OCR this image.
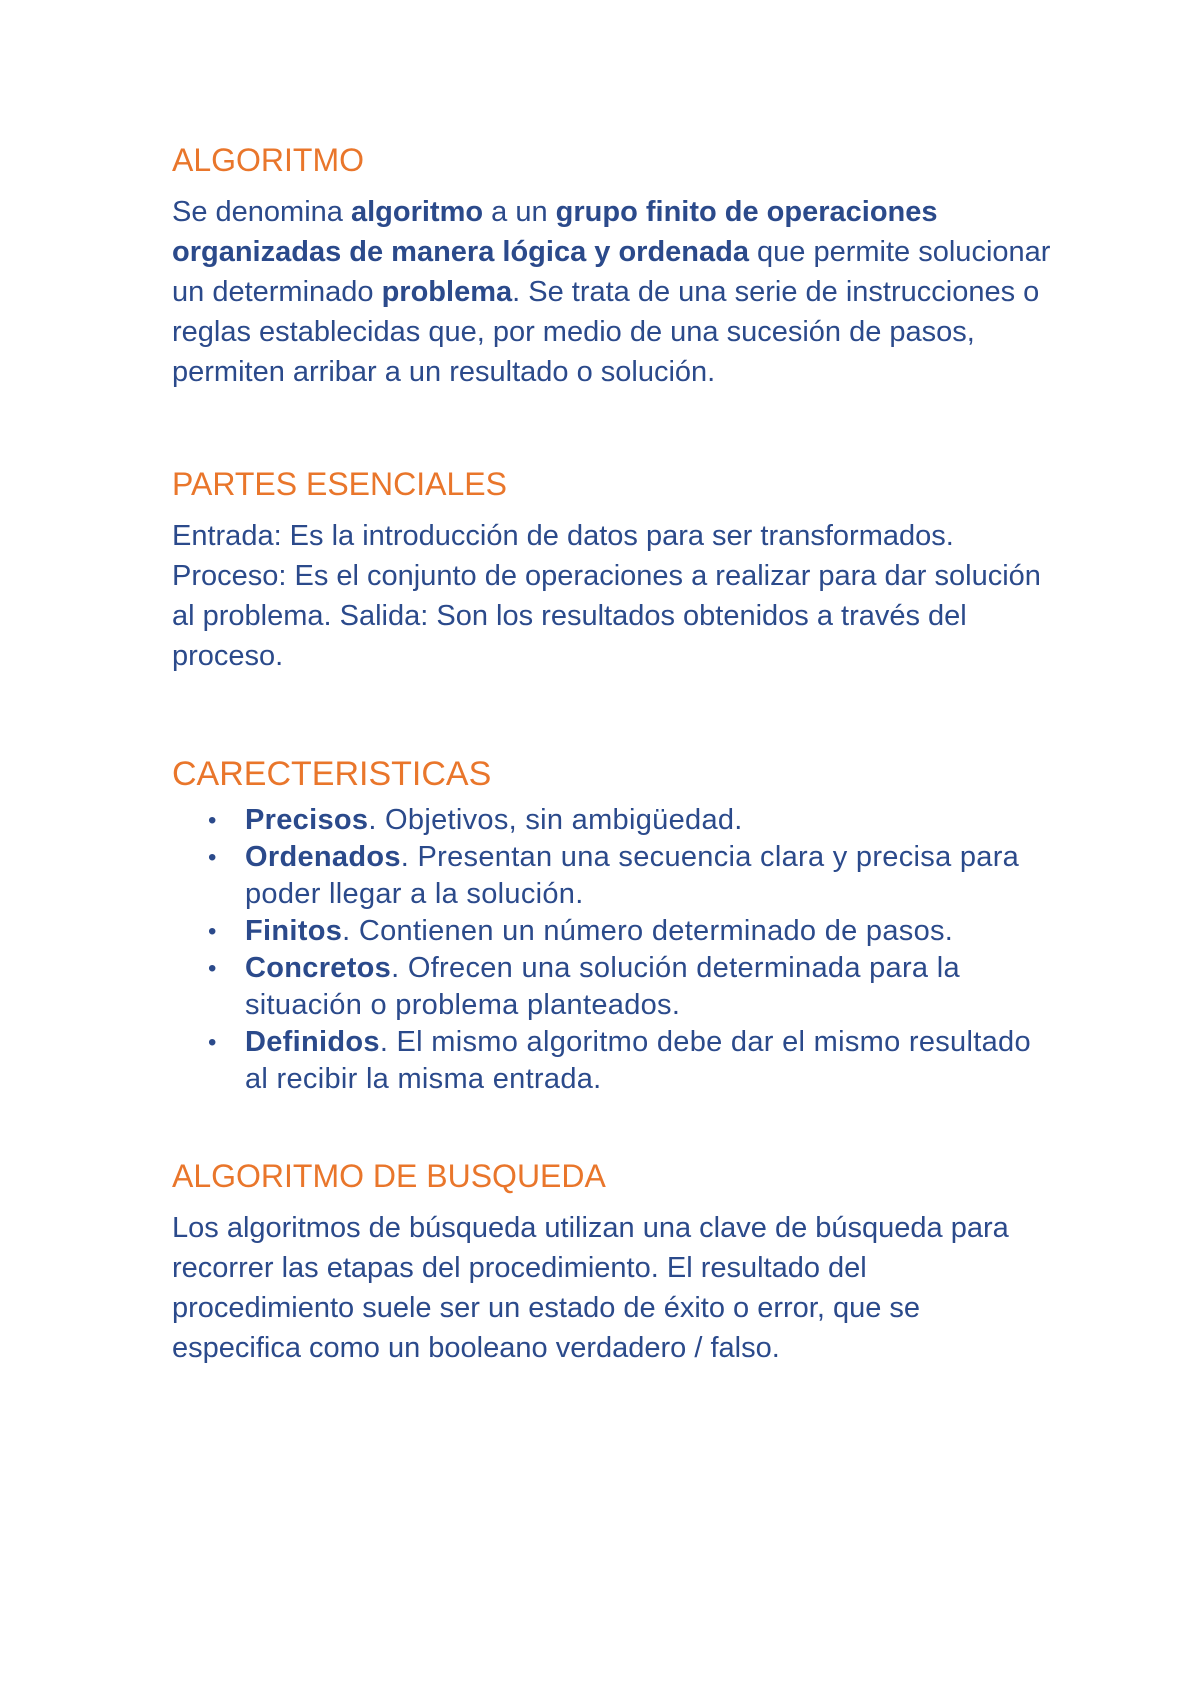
ALGORITMO

Se denomina algoritmo a un grupo finito de operaciones organizadas de manera lógica y ordenada que permite solucionar un determinado problema. Se trata de una serie de instrucciones o reglas establecidas que, por medio de una sucesión de pasos, permiten arribar a un resultado o solución.

PARTES ESENCIALES

Entrada: Es la introducción de datos para ser transformados. Proceso: Es el conjunto de operaciones a realizar para dar solución al problema. Salida: Son los resultados obtenidos a través del proceso.

CARECTERISTICAS
• Precisos. Objetivos, sin ambigüedad.
• Ordenados. Presentan una secuencia clara y precisa para poder llegar a la solución.
• Finitos. Contienen un número determinado de pasos.
• Concretos. Ofrecen una solución determinada para la situación o problema planteados.
• Definidos. El mismo algoritmo debe dar el mismo resultado al recibir la misma entrada.
ALGORITMO DE BUSQUEDA

Los algoritmos de búsqueda utilizan una clave de búsqueda para recorrer las etapas del procedimiento. El resultado del procedimiento suele ser un estado de éxito o error, que se especifica como un booleano verdadero / falso.
